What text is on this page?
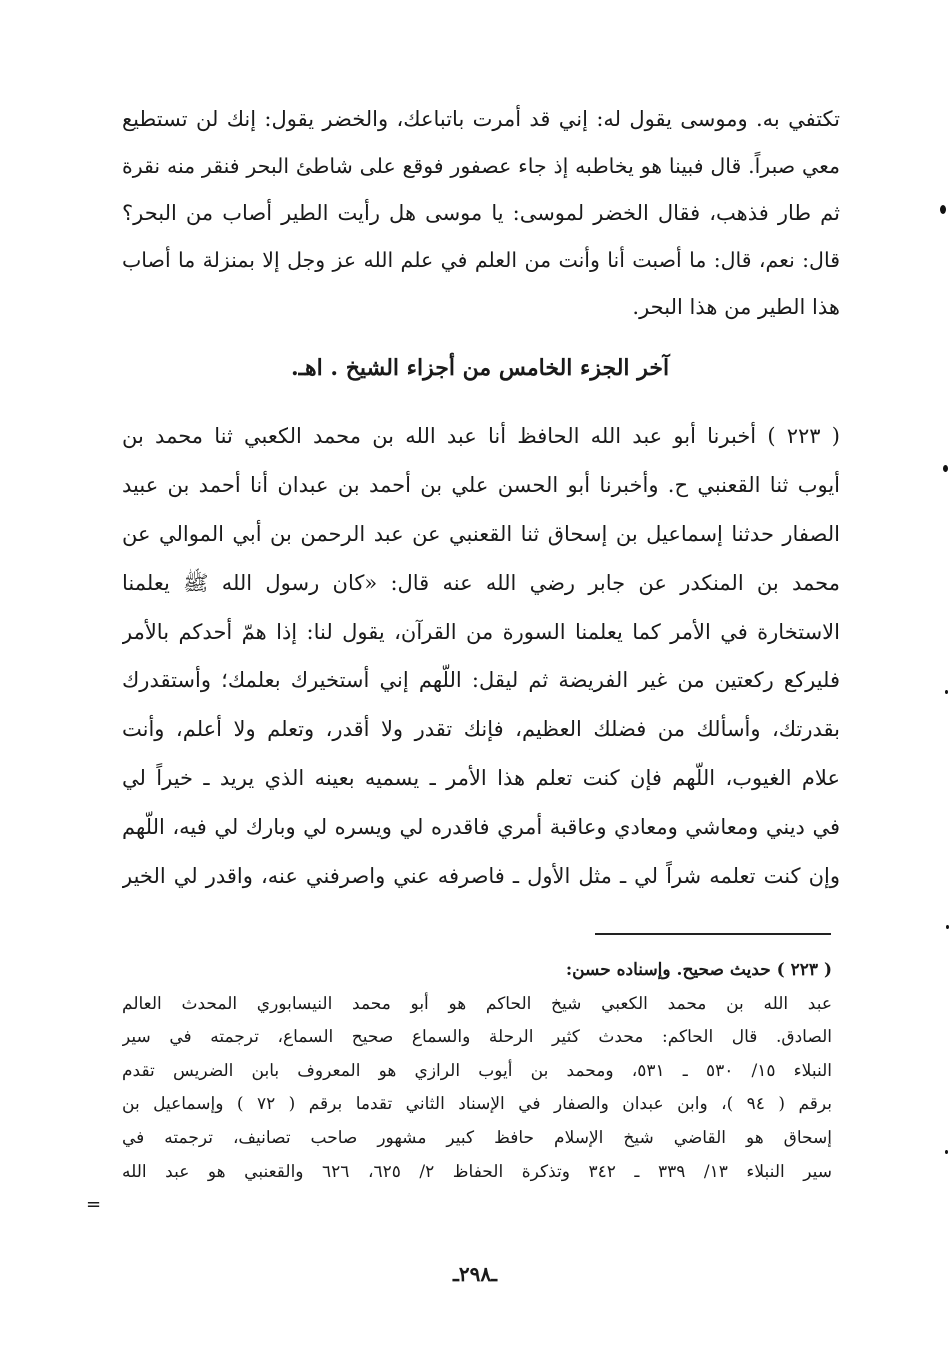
تكتفي به. وموسى يقول له: إني قد أمرت باتباعك، والخضر يقول: إنك لن تستطيع
معي صبراً. قال فبينا هو يخاطبه إذ جاء عصفور فوقع على شاطئ البحر فنقر منه نقرة
ثم طار فذهب، فقال الخضر لموسى: يا موسى هل رأيت الطير أصاب من البحر؟
قال: نعم، قال: ما أصبت أنا وأنت من العلم في علم الله عز وجل إلا بمنزلة ما أصاب
هذا الطير من هذا البحر.
آخر الجزء الخامس من أجزاء الشيخ . اهـ.
( ٢٢٣ ) أخبرنا أبو عبد الله الحافظ أنا عبد الله بن محمد الكعبي ثنا محمد بن
أيوب ثنا القعنبي ح. وأخبرنا أبو الحسن علي بن أحمد بن عبدان أنا أحمد بن عبيد
الصفار حدثنا إسماعيل بن إسحاق ثنا القعنبي عن عبد الرحمن بن أبي الموالي عن
محمد بن المنكدر عن جابر رضي الله عنه قال: «كان رسول الله ﷺ يعلمنا
الاستخارة في الأمر كما يعلمنا السورة من القرآن، يقول لنا: إذا همّ أحدكم بالأمر
فليركع ركعتين من غير الفريضة ثم ليقل: اللّهم إني أستخيرك بعلمك؛ وأستقدرك
بقدرتك، وأسألك من فضلك العظيم، فإنك تقدر ولا أقدر، وتعلم ولا أعلم، وأنت
علام الغيوب، اللّهم فإن كنت تعلم هذا الأمر ـ يسميه بعينه الذي يريد ـ خيراً لي
في ديني ومعاشي ومعادي وعاقبة أمري فاقدره لي ويسره لي وبارك لي فيه، اللّهم
وإن كنت تعلمه شراً لي ـ مثل الأول ـ فاصرفه عني واصرفني عنه، واقدر لي الخير
( ٢٢٣ ) حديث صحيح. وإسناده حسن:
عبد الله بن محمد الكعبي شيخ الحاكم هو أبو محمد النيسابوري المحدث العالم
الصادق. قال الحاكم: محدث كثير الرحلة والسماع صحيح السماع، ترجمته في سير
النبلاء ١٥/ ٥٣٠ ـ ٥٣١، ومحمد بن أيوب الرازي هو المعروف بابن الضريس تقدم
برقم ( ٩٤ )، وابن عبدان والصفار في الإسناد الثاني تقدما برقم ( ٧٢ ) وإسماعيل بن
إسحاق هو القاضي شيخ الإسلام حافظ كبير مشهور صاحب تصانيف، ترجمته في
سير النبلاء ١٣/ ٣٣٩ ـ ٣٤٢ وتذكرة الحفاظ ٢/ ٦٢٥، ٦٢٦ والقعنبي هو عبد الله
=
ـ٢٩٨ـ
